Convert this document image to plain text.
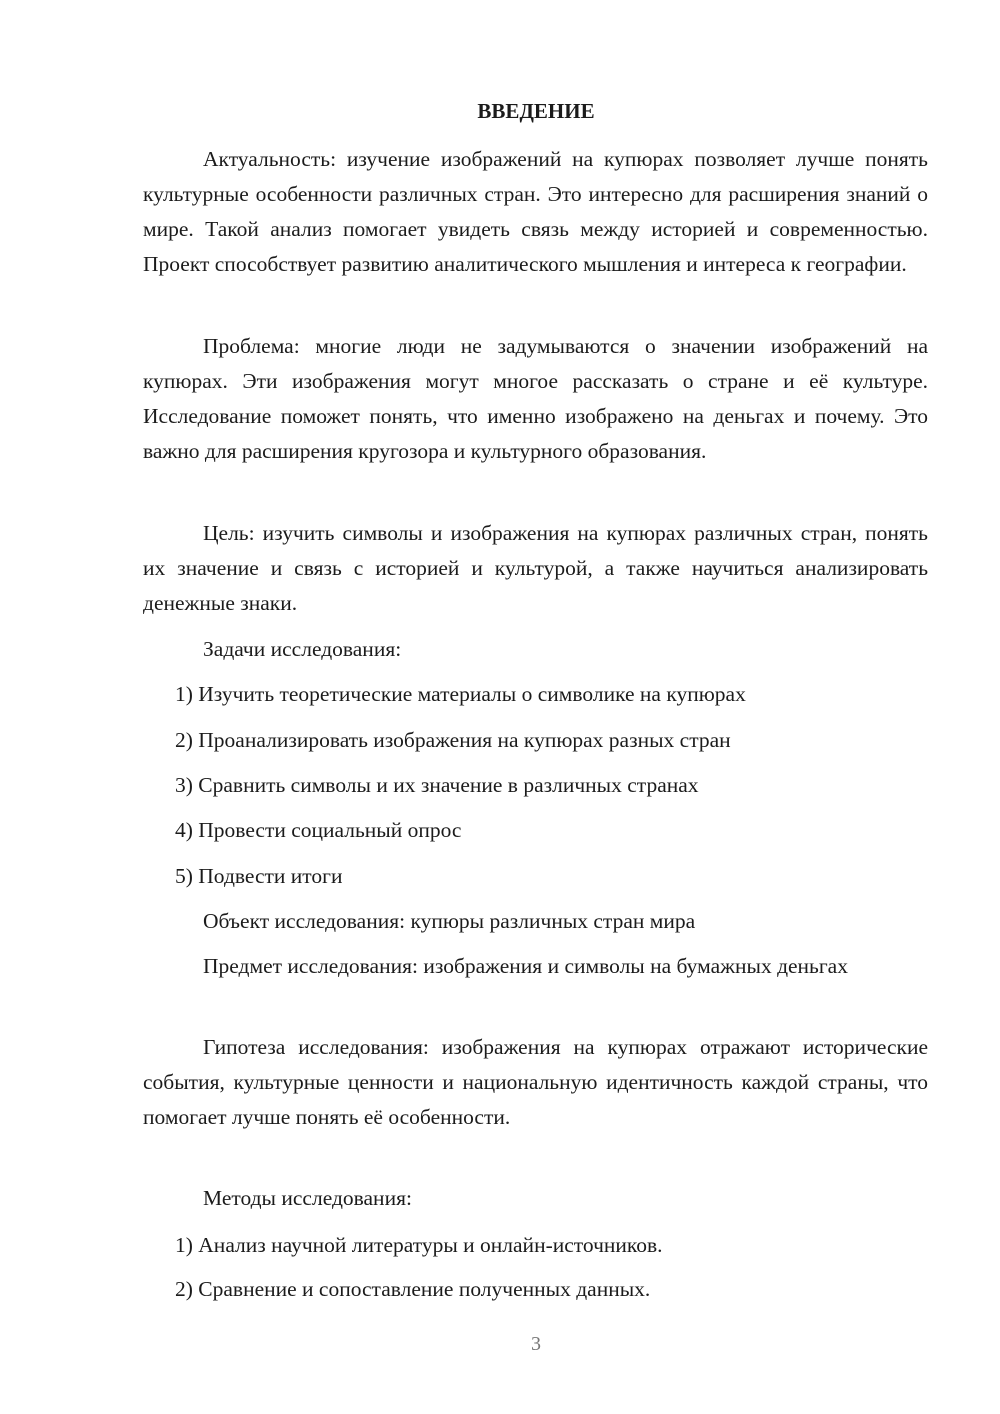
ВВЕДЕНИЕ

Актуальность: изучение изображений на купюрах позволяет лучше понять культурные особенности различных стран. Это интересно для расширения знаний о мире. Такой анализ помогает увидеть связь между историей и современностью. Проект способствует развитию аналитического мышления и интереса к географии.

Проблема: многие люди не задумываются о значении изображений на купюрах. Эти изображения могут многое рассказать о стране и её культуре. Исследование поможет понять, что именно изображено на деньгах и почему. Это важно для расширения кругозора и культурного образования.

Цель: изучить символы и изображения на купюрах различных стран, понять их значение и связь с историей и культурой, а также научиться анализировать денежные знаки.

Задачи исследования:

1) Изучить теоретические материалы о символике на купюрах

2) Проанализировать изображения на купюрах разных стран

3) Сравнить символы и их значение в различных странах

4) Провести социальный опрос

5) Подвести итоги

Объект исследования: купюры различных стран мира

Предмет исследования: изображения и символы на бумажных деньгах

Гипотеза исследования: изображения на купюрах отражают исторические события, культурные ценности и национальную идентичность каждой страны, что помогает лучше понять её особенности.

Методы исследования:

1) Анализ научной литературы и онлайн-источников.

2) Сравнение и сопоставление полученных данных.

3
